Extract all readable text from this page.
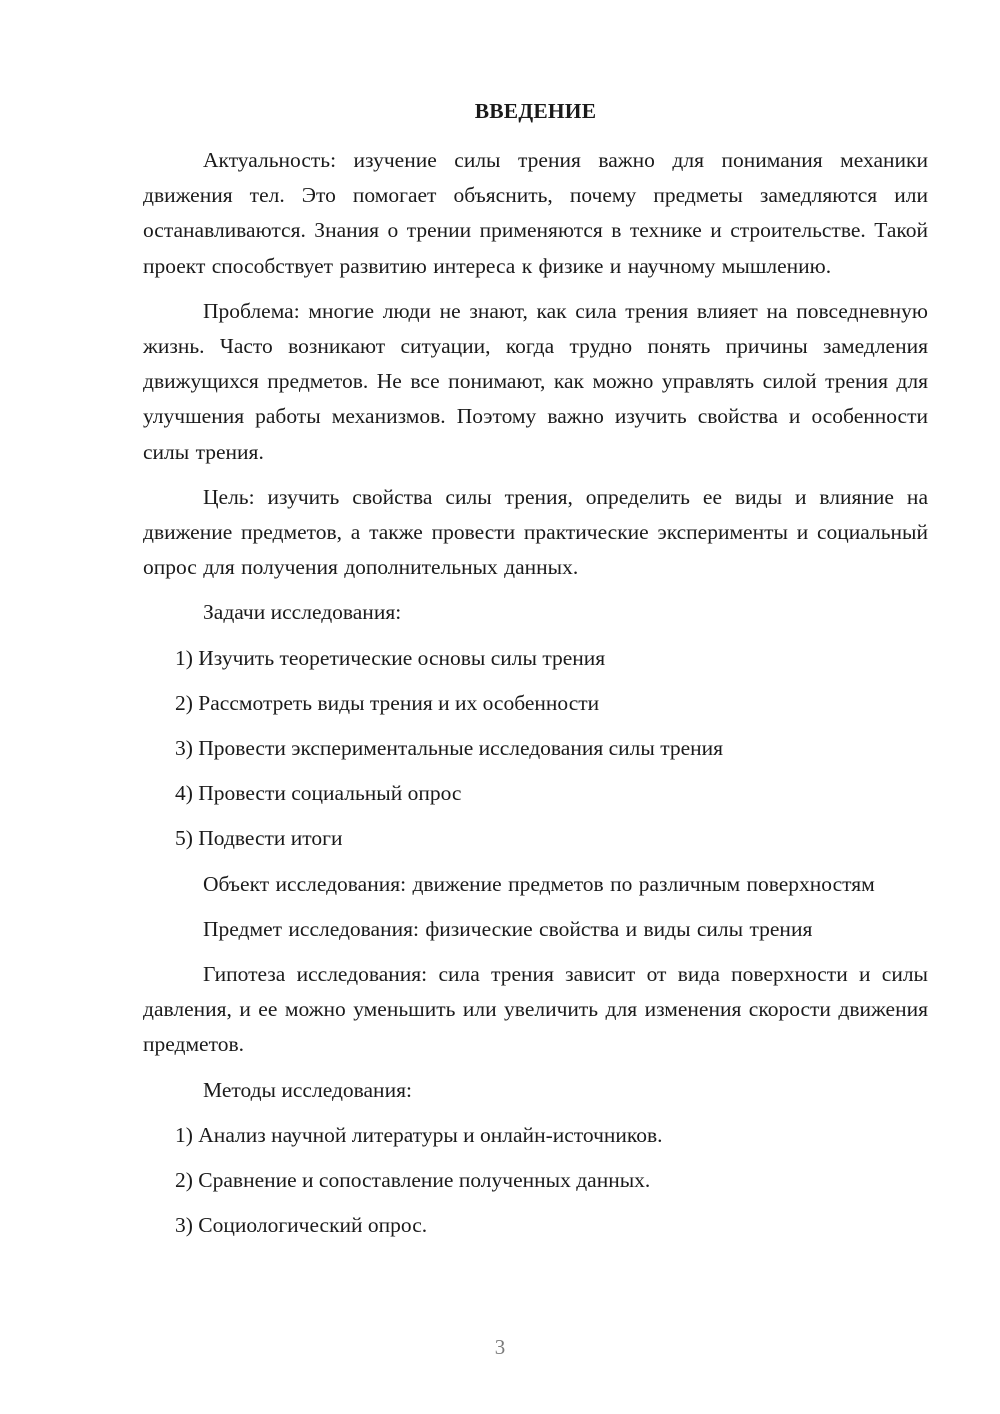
ВВЕДЕНИЕ

Актуальность: изучение силы трения важно для понимания механики движения тел. Это помогает объяснить, почему предметы замедляются или останавливаются. Знания о трении применяются в технике и строительстве. Такой проект способствует развитию интереса к физике и научному мышлению.

Проблема: многие люди не знают, как сила трения влияет на повседневную жизнь. Часто возникают ситуации, когда трудно понять причины замедления движущихся предметов. Не все понимают, как можно управлять силой трения для улучшения работы механизмов. Поэтому важно изучить свойства и особенности силы трения.

Цель: изучить свойства силы трения, определить ее виды и влияние на движение предметов, а также провести практические эксперименты и социальный опрос для получения дополнительных данных.

Задачи исследования:

1) Изучить теоретические основы силы трения
2) Рассмотреть виды трения и их особенности
3) Провести экспериментальные исследования силы трения
4) Провести социальный опрос
5) Подвести итоги

Объект исследования: движение предметов по различным поверхностям

Предмет исследования: физические свойства и виды силы трения

Гипотеза исследования: сила трения зависит от вида поверхности и силы давления, и ее можно уменьшить или увеличить для изменения скорости движения предметов.

Методы исследования:

1) Анализ научной литературы и онлайн-источников.
2) Сравнение и сопоставление полученных данных.
3) Социологический опрос.
3
